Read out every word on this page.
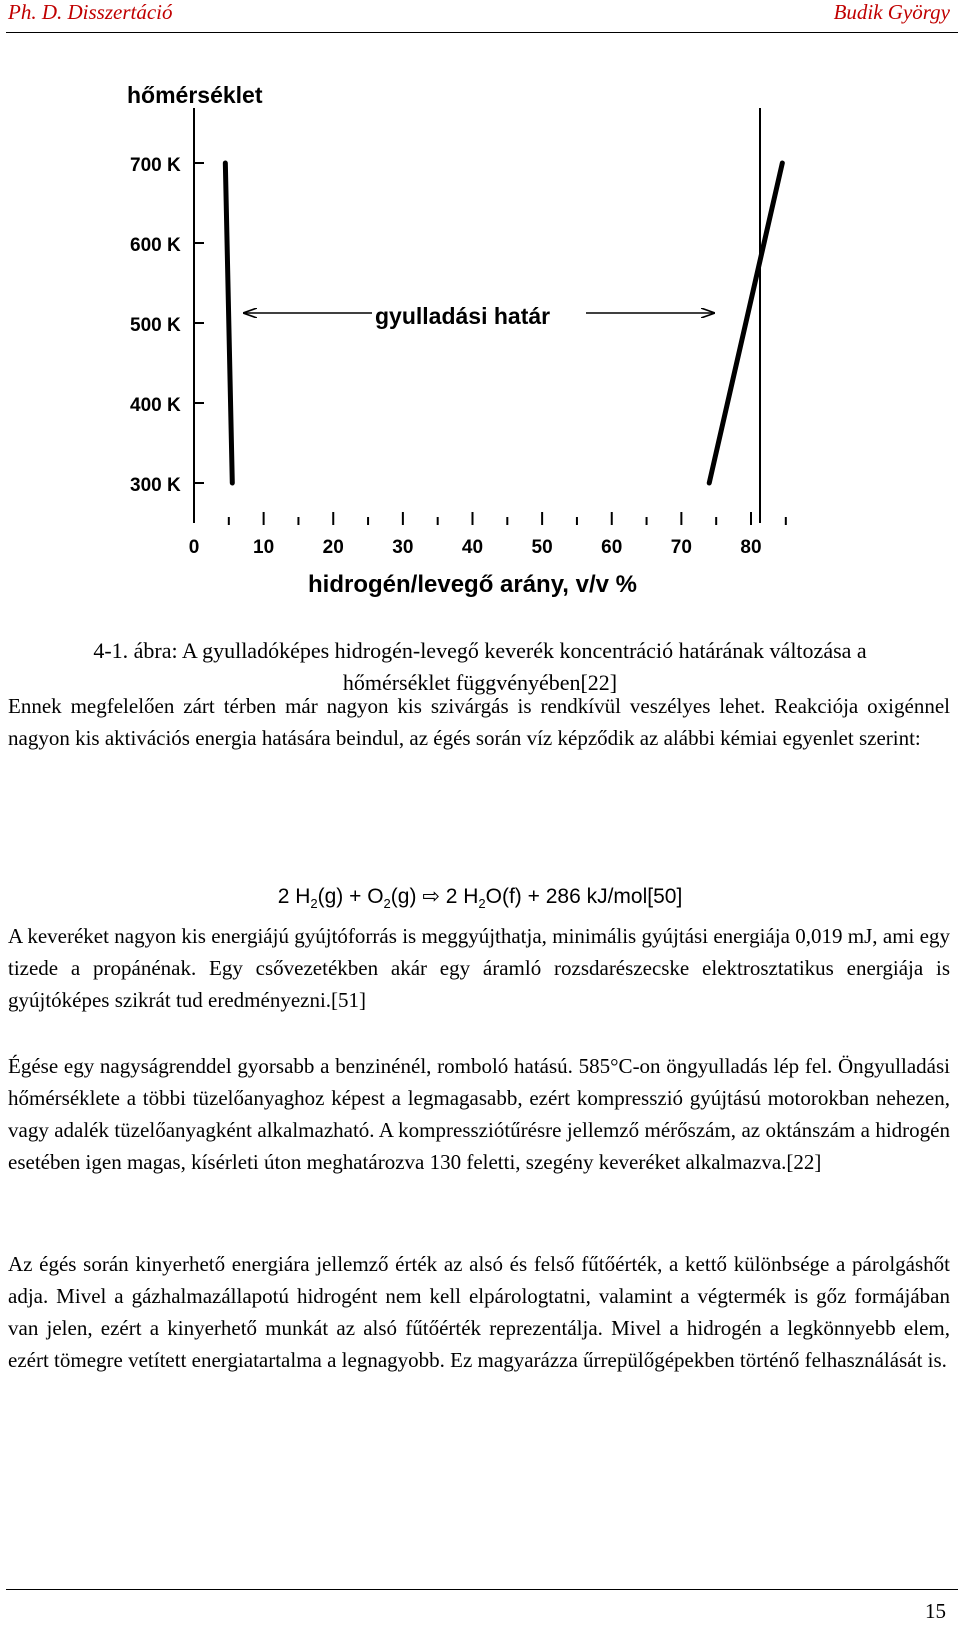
Ph. D. Disszertáció	Budik György
hőmérséklet
300 K
400 K
500 K
600 K
700 K
0	10	20	30	40	50	60	70	80
gyulladási határ
hidrogén/levegő arány, v/v %
4-1. ábra: A gyulladóképes hidrogén-levegő keverék koncentráció határának változása a
hőmérséklet függvényében[22]
Ennek megfelelően zárt térben már nagyon kis szivárgás is rendkívül veszélyes lehet. Reakciója oxigénnel nagyon kis aktivációs energia hatására beindul, az égés során víz képződik az alábbi kémiai egyenlet szerint:
2 $H_2(g) + O_2(g)$ ⇨ 2 $H_2O(f) + 286$ kJ/mol[50]
A keveréket nagyon kis energiájú gyújtóforrás is meggyújthatja, minimális gyújtási energiája 0,019 mJ, ami egy tizede a propánénak. Egy csővezetékben akár egy áramló rozsdarészecske elektrosztatikus energiája is gyújtóképes szikrát tud eredményezni.[51]
Égése egy nagyságrenddel gyorsabb a benzinénél, romboló hatású. 585°C-on öngyulladás lép fel. Öngyulladási hőmérséklete a többi tüzelőanyaghoz képest a legmagasabb, ezért kompresszió gyújtású motorokban nehezen, vagy adalék tüzelőanyagként alkalmazható. A kompressziótűrésre jellemző mérőszám, az oktánszám a hidrogén esetében igen magas, kísérleti úton meghatározva 130 feletti, szegény keveréket alkalmazva.[22]
Az égés során kinyerhető energiára jellemző érték az alsó és felső fűtőérték, a kettő különbsége a párolgáshőt adja. Mivel a gázhalmazállapotú hidrogént nem kell elpárologtatni, valamint a végtermék is gőz formájában van jelen, ezért a kinyerhető munkát az alsó fűtőérték reprezentálja. Mivel a hidrogén a legkönnyebb elem, ezért tömegre vetített energiatartalma a legnagyobb. Ez magyarázza űrrepülőgépekben történő felhasználását is.
15
